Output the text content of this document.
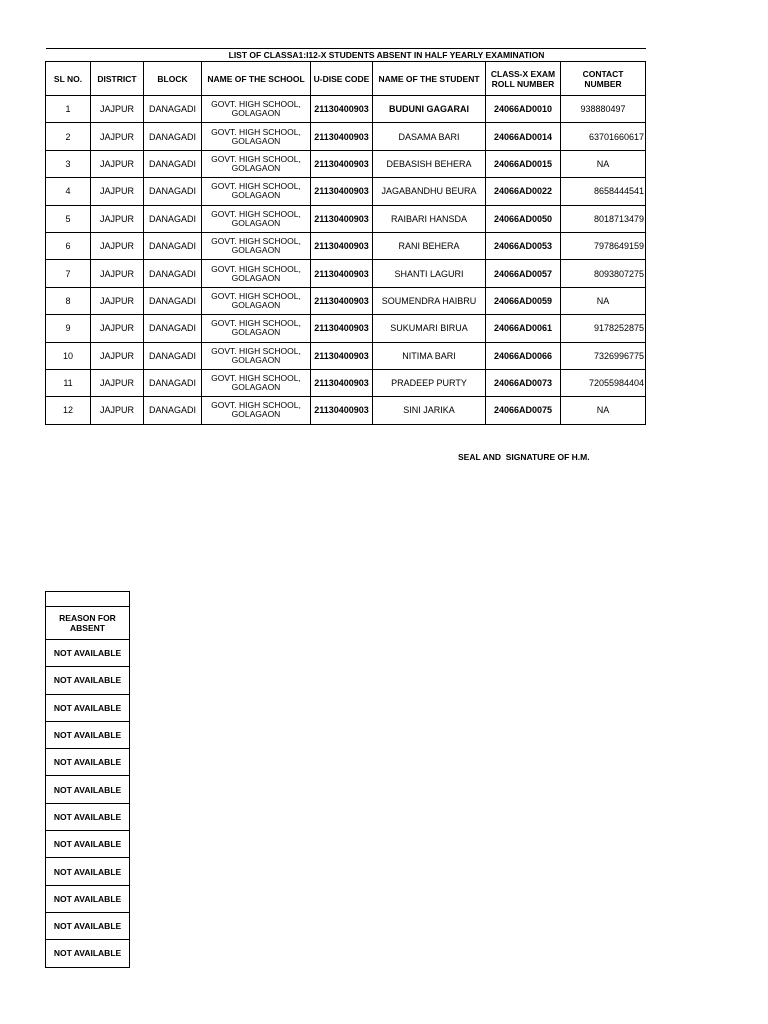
LIST OF CLASSA1:I12-X STUDENTS ABSENT IN HALF YEARLY EXAMINATION							
SL NO.	DISTRICT	BLOCK	NAME OF THE SCHOOL	U-DISE CODE	NAME OF THE STUDENT	CLASS-X EXAM
ROLL NUMBER	CONTACT NUMBER
1	JAJPUR	DANAGADI	GOVT. HIGH SCHOOL,
GOLAGAON	21130400903	BUDUNI GAGARAI	24066AD0010	938880497
2	JAJPUR	DANAGADI	GOVT. HIGH SCHOOL,
GOLAGAON	21130400903	DASAMA BARI	24066AD0014	63701660617
3	JAJPUR	DANAGADI	GOVT. HIGH SCHOOL,
GOLAGAON	21130400903	DEBASISH BEHERA	24066AD0015	NA
4	JAJPUR	DANAGADI	GOVT. HIGH SCHOOL,
GOLAGAON	21130400903	JAGABANDHU BEURA	24066AD0022	8658444541
5	JAJPUR	DANAGADI	GOVT. HIGH SCHOOL,
GOLAGAON	21130400903	RAIBARI HANSDA	24066AD0050	8018713479
6	JAJPUR	DANAGADI	GOVT. HIGH SCHOOL,
GOLAGAON	21130400903	RANI BEHERA	24066AD0053	7978649159
7	JAJPUR	DANAGADI	GOVT. HIGH SCHOOL,
GOLAGAON	21130400903	SHANTI LAGURI	24066AD0057	8093807275
8	JAJPUR	DANAGADI	GOVT. HIGH SCHOOL,
GOLAGAON	21130400903	SOUMENDRA HAIBRU	24066AD0059	NA
9	JAJPUR	DANAGADI	GOVT. HIGH SCHOOL,
GOLAGAON	21130400903	SUKUMARI BIRUA	24066AD0061	9178252875
10	JAJPUR	DANAGADI	GOVT. HIGH SCHOOL,
GOLAGAON	21130400903	NITIMA BARI	24066AD0066	7326996775
11	JAJPUR	DANAGADI	GOVT. HIGH SCHOOL,
GOLAGAON	21130400903	PRADEEP PURTY	24066AD0073	72055984404
12	JAJPUR	DANAGADI	GOVT. HIGH SCHOOL,
GOLAGAON	21130400903	SINI JARIKA	24066AD0075	NA
SEAL AND  SIGNATURE OF H.M.

REASON FOR
ABSENT
NOT AVAILABLE
NOT AVAILABLE
NOT AVAILABLE
NOT AVAILABLE
NOT AVAILABLE
NOT AVAILABLE
NOT AVAILABLE
NOT AVAILABLE
NOT AVAILABLE
NOT AVAILABLE
NOT AVAILABLE
NOT AVAILABLE
